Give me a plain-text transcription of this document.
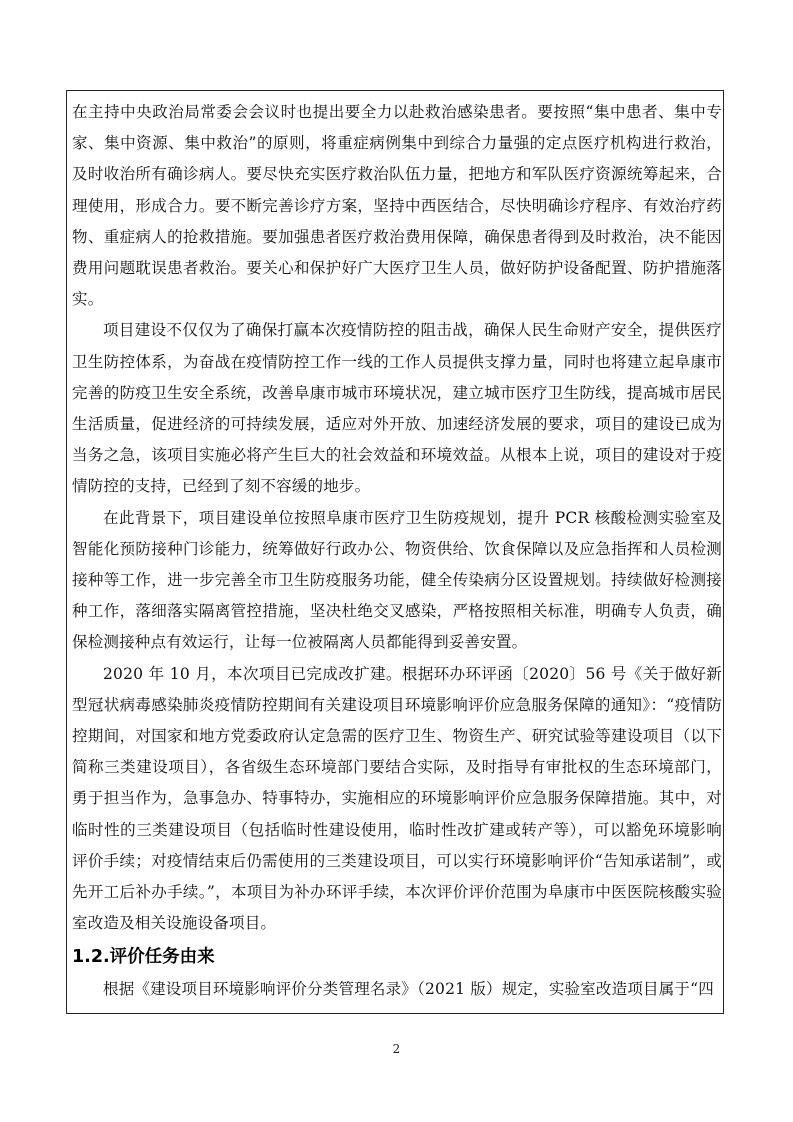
在主持中央政治局常委会会议时也提出要全力以赴救治感染患者。要按照“集中患者、集中专家、集中资源、集中救治”的原则，将重症病例集中到综合力量强的定点医疗机构进行救治，及时收治所有确诊病人。要尽快充实医疗救治队伍力量，把地方和军队医疗资源统筹起来，合理使用，形成合力。要不断完善诊疗方案，坚持中西医结合，尽快明确诊疗程序、有效治疗药物、重症病人的抢救措施。要加强患者医疗救治费用保障，确保患者得到及时救治，决不能因费用问题耽误患者救治。要关心和保护好广大医疗卫生人员，做好防护设备配置、防护措施落实。

项目建设不仅仅为了确保打赢本次疫情防控的阻击战，确保人民生命财产安全，提供医疗卫生防控体系，为奋战在疫情防控工作一线的工作人员提供支撑力量，同时也将建立起阜康市完善的防疫卫生安全系统，改善阜康市城市环境状况，建立城市医疗卫生防线，提高城市居民生活质量，促进经济的可持续发展，适应对外开放、加速经济发展的要求，项目的建设已成为当务之急，该项目实施必将产生巨大的社会效益和环境效益。从根本上说，项目的建设对于疫情防控的支持，已经到了刻不容缓的地步。

在此背景下，项目建设单位按照阜康市医疗卫生防疫规划，提升 PCR 核酸检测实验室及智能化预防接种门诊能力，统筹做好行政办公、物资供给、饮食保障以及应急指挥和人员检测接种等工作，进一步完善全市卫生防疫服务功能，健全传染病分区设置规划。持续做好检测接种工作，落细落实隔离管控措施，坚决杜绝交叉感染，严格按照相关标准，明确专人负责，确保检测接种点有效运行，让每一位被隔离人员都能得到妥善安置。

2020 年 10 月，本次项目已完成改扩建。根据环办环评函〔2020〕56 号《关于做好新型冠状病毒感染肺炎疫情防控期间有关建设项目环境影响评价应急服务保障的通知》：“疫情防控期间，对国家和地方党委政府认定急需的医疗卫生、物资生产、研究试验等建设项目（以下简称三类建设项目），各省级生态环境部门要结合实际，及时指导有审批权的生态环境部门，勇于担当作为，急事急办、特事特办，实施相应的环境影响评价应急服务保障措施。其中，对临时性的三类建设项目（包括临时性建设使用，临时性改扩建或转产等），可以豁免环境影响评价手续；对疫情结束后仍需使用的三类建设项目，可以实行环境影响评价“告知承诺制”，或先开工后补办手续。”，本项目为补办环评手续，本次评价评价范围为阜康市中医医院核酸实验室改造及相关设施设备项目。

1.2.评价任务由来

根据《建设项目环境影响评价分类管理名录》（2021 版）规定，实验室改造项目属于“四

2
